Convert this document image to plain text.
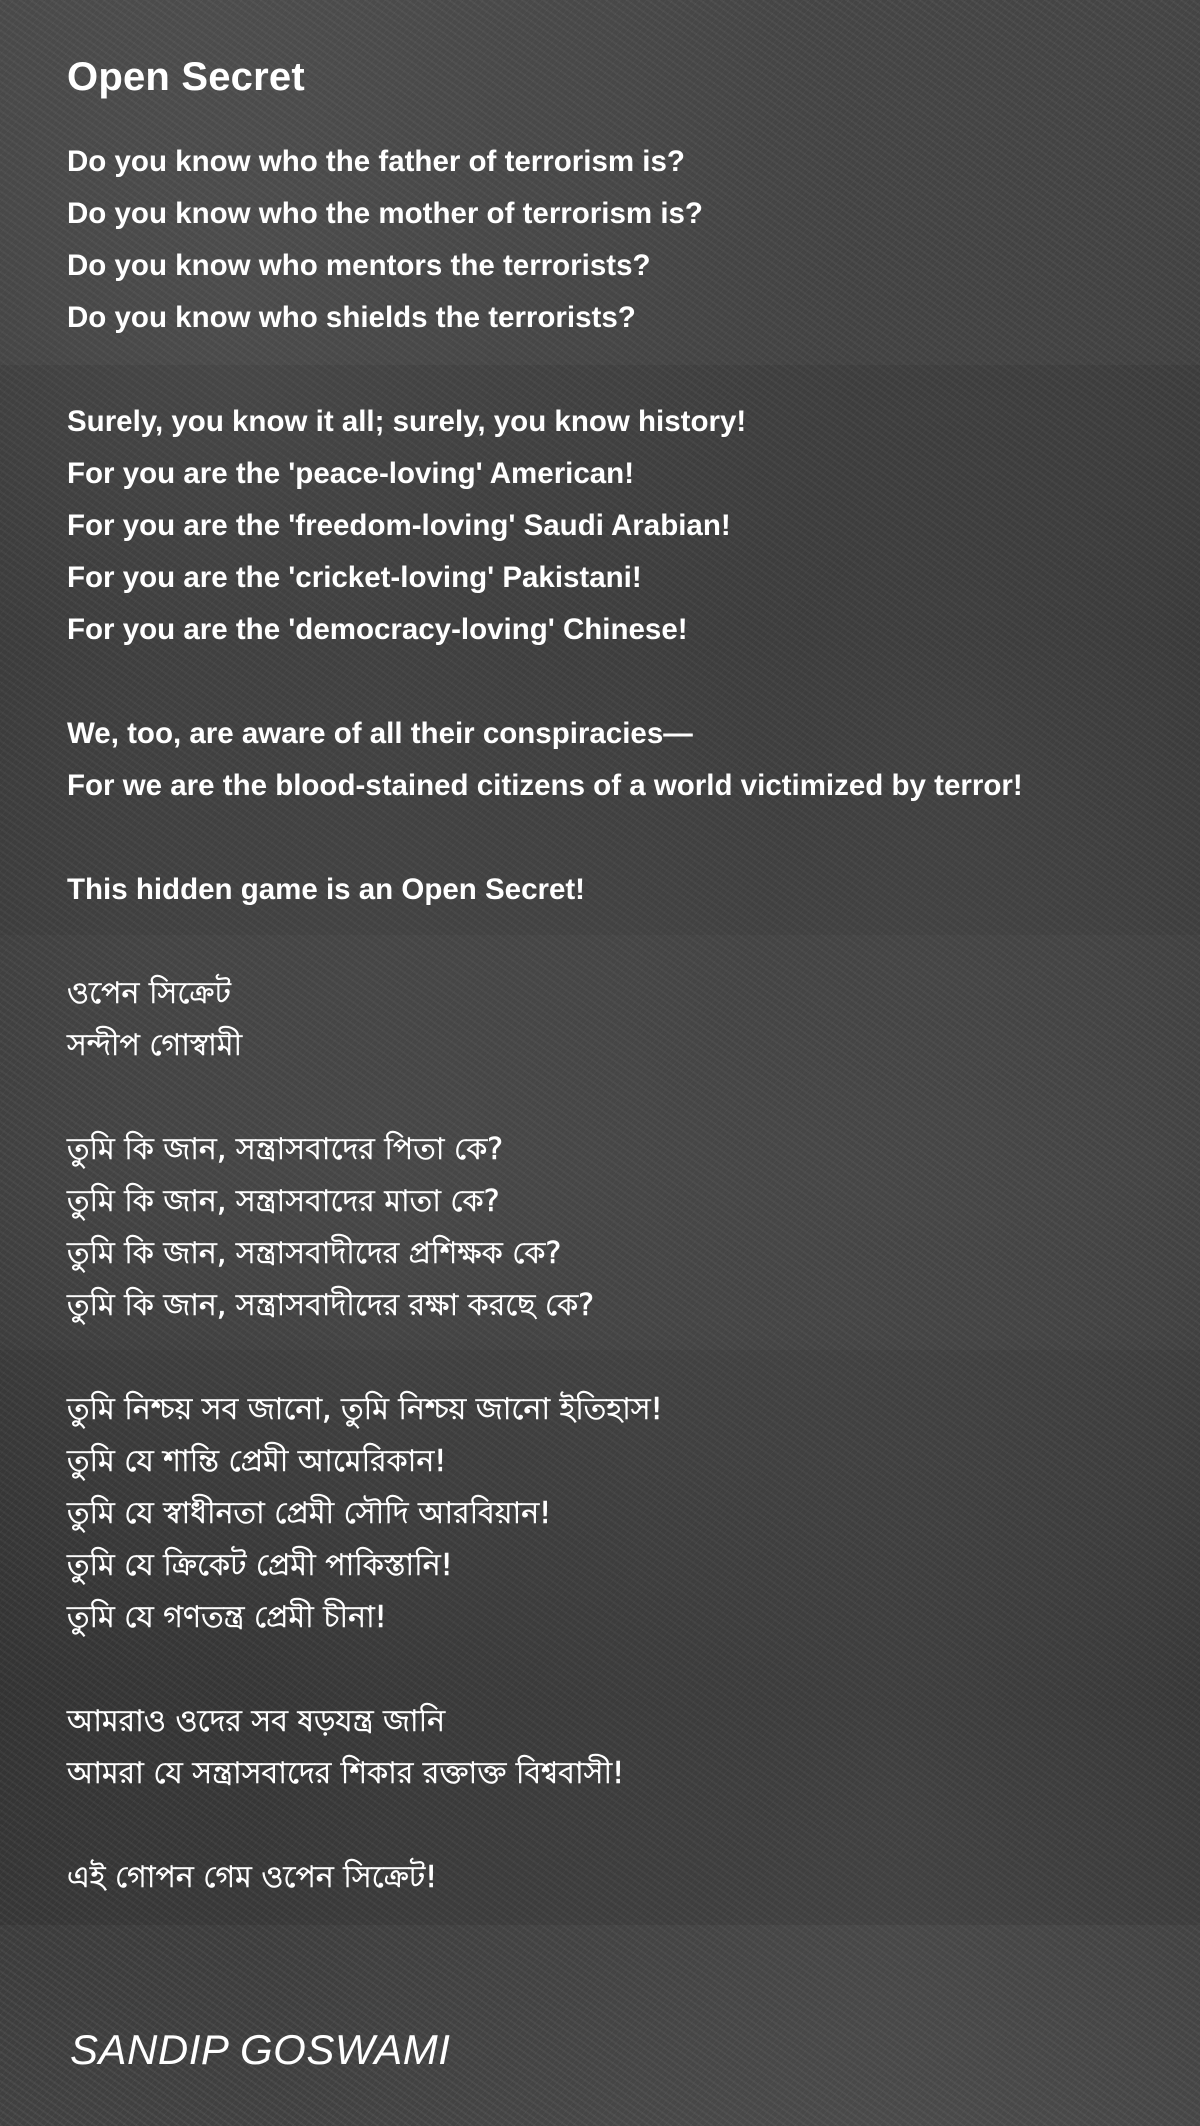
Open Secret
Do you know who the father of terrorism is?
Do you know who the mother of terrorism is?
Do you know who mentors the terrorists?
Do you know who shields the terrorists?
Surely, you know it all; surely, you know history!
For you are the 'peace-loving' American!
For you are the 'freedom-loving' Saudi Arabian!
For you are the 'cricket-loving' Pakistani!
For you are the 'democracy-loving' Chinese!
We, too, are aware of all their conspiracies—
For we are the blood-stained citizens of a world victimized by terror!
This hidden game is an Open Secret!
ওপেন সিক্রেট
সন্দীপ গোস্বামী
তুমি কি জান, সন্ত্রাসবাদের পিতা কে?
তুমি কি জান, সন্ত্রাসবাদের মাতা কে?
তুমি কি জান, সন্ত্রাসবাদীদের প্রশিক্ষক কে?
তুমি কি জান, সন্ত্রাসবাদীদের রক্ষা করছে কে?
তুমি নিশ্চয় সব জানো, তুমি নিশ্চয় জানো ইতিহাস!
তুমি যে শান্তি প্রেমী আমেরিকান!
তুমি যে স্বাধীনতা প্রেমী সৌদি আরবিয়ান!
তুমি যে ক্রিকেট প্রেমী পাকিস্তানি!
তুমি যে গণতন্ত্র প্রেমী চীনা!
আমরাও ওদের সব ষড়যন্ত্র জানি
আমরা যে সন্ত্রাসবাদের শিকার রক্তাক্ত বিশ্ববাসী!
এই গোপন গেম ওপেন সিক্রেট!
SANDIP GOSWAMI
